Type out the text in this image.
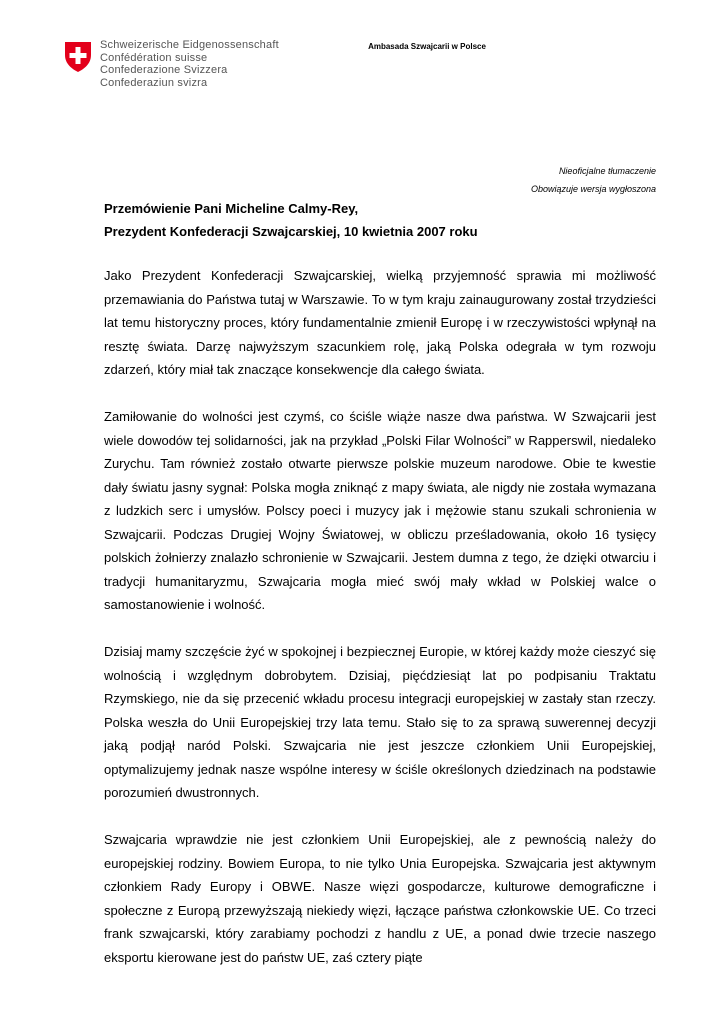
Schweizerische Eidgenossenschaft
Confédération suisse
Confederazione Svizzera
Confederaziun svizra
Ambasada Szwajcarii w Polsce
Nieoficjalne tłumaczenie
Obowiązuje wersja wygłoszona
Przemówienie Pani Micheline Calmy-Rey,
Prezydent Konfederacji Szwajcarskiej, 10 kwietnia 2007 roku

Jako Prezydent Konfederacji Szwajcarskiej, wielką przyjemność sprawia mi możliwość przemawiania do Państwa tutaj w Warszawie. To w tym kraju zainaugurowany został trzydzieści lat temu historyczny proces, który fundamentalnie zmienił Europę i w rzeczywistości wpłynął na resztę świata. Darzę najwyższym szacunkiem rolę, jaką Polska odegrała w tym rozwoju zdarzeń, który miał tak znaczące konsekwencje dla całego świata.

Zamiłowanie do wolności jest czymś, co ściśle wiąże nasze dwa państwa. W Szwajcarii jest wiele dowodów tej solidarności, jak na przykład „Polski Filar Wolności” w Rapperswil, niedaleko Zurychu. Tam również zostało otwarte pierwsze polskie muzeum narodowe. Obie te kwestie dały światu jasny sygnał: Polska mogła zniknąć z mapy świata, ale nigdy nie została wymazana z ludzkich serc i umysłów. Polscy poeci i muzycy jak i mężowie stanu szukali schronienia w Szwajcarii. Podczas Drugiej Wojny Światowej, w obliczu prześladowania, około 16 tysięcy polskich żołnierzy znalazło schronienie w Szwajcarii. Jestem dumna z tego, że dzięki otwarciu i tradycji humanitaryzmu, Szwajcaria mogła mieć swój mały wkład w Polskiej walce o samostanowienie i wolność.

Dzisiaj mamy szczęście żyć w spokojnej i bezpiecznej Europie, w której każdy może cieszyć się wolnością i względnym dobrobytem. Dzisiaj, pięćdziesiąt lat po podpisaniu Traktatu Rzymskiego, nie da się przecenić wkładu procesu integracji europejskiej w zastały stan rzeczy. Polska weszła do Unii Europejskiej trzy lata temu. Stało się to za sprawą suwerennej decyzji jaką podjął naród Polski. Szwajcaria nie jest jeszcze członkiem Unii Europejskiej, optymalizujemy jednak nasze wspólne interesy w ściśle określonych dziedzinach na podstawie porozumień dwustronnych.

Szwajcaria wprawdzie nie jest członkiem Unii Europejskiej, ale z pewnością należy do europejskiej rodziny. Bowiem Europa, to nie tylko Unia Europejska. Szwajcaria jest aktywnym członkiem Rady Europy i OBWE. Nasze więzi gospodarcze, kulturowe demograficzne i społeczne z Europą przewyższają niekiedy więzi, łączące państwa członkowskie UE. Co trzeci frank szwajcarski, który zarabiamy pochodzi z handlu z UE, a ponad dwie trzecie naszego eksportu kierowane jest do państw UE, zaś cztery piąte
